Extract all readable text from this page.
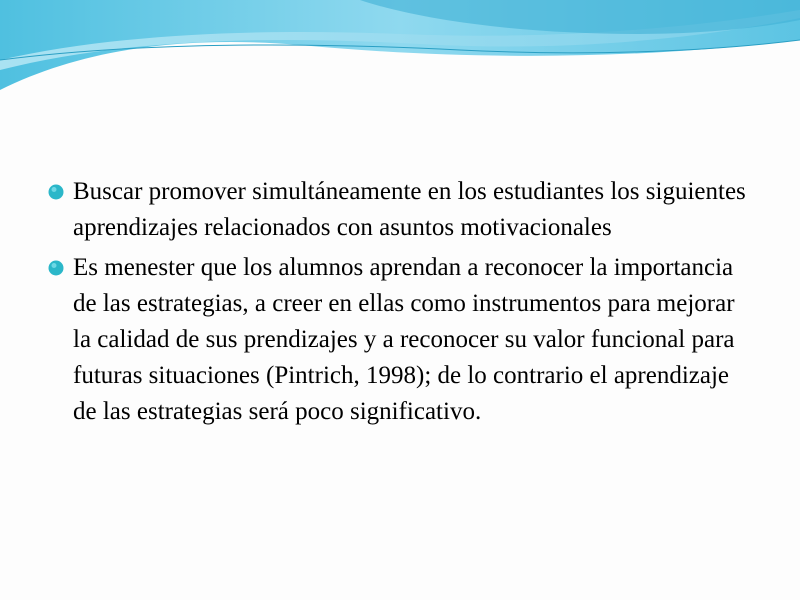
Buscar promover simultáneamente en los estudiantes los siguientes aprendizajes relacionados con asuntos motivacionales
Es menester que los alumnos aprendan a reconocer la importancia de las estrategias, a creer en ellas como instrumentos para mejorar la calidad de sus prendizajes y a reconocer su valor funcional para futuras situaciones (Pintrich, 1998); de lo contrario el aprendizaje de las estrategias será poco significativo.
